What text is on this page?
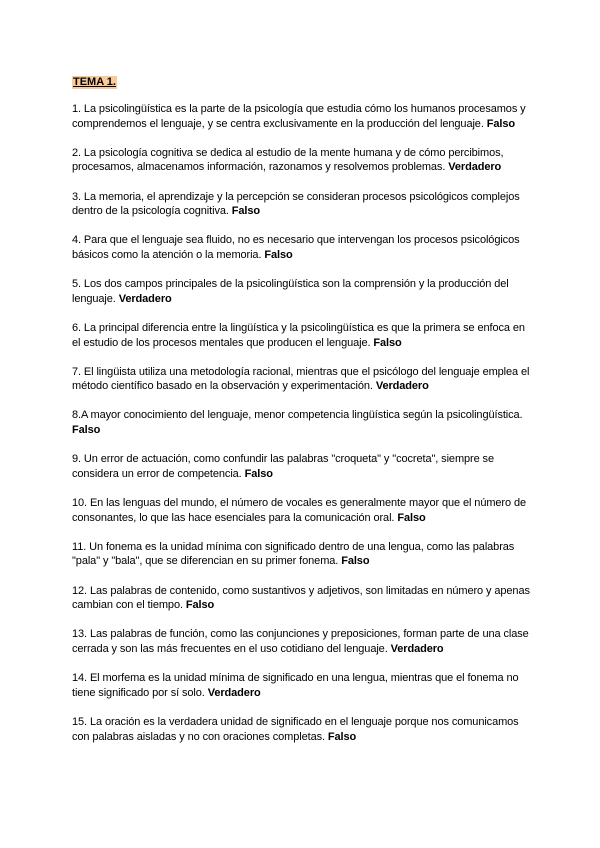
TEMA 1.

1. La psicolingüística es la parte de la psicología que estudia cómo los humanos procesamos y comprendemos el lenguaje, y se centra exclusivamente en la producción del lenguaje. Falso

2. La psicología cognitiva se dedica al estudio de la mente humana y de cómo percibimos, procesamos, almacenamos información, razonamos y resolvemos problemas. Verdadero

3. La memoria, el aprendizaje y la percepción se consideran procesos psicológicos complejos dentro de la psicología cognitiva. Falso

4. Para que el lenguaje sea fluido, no es necesario que intervengan los procesos psicológicos básicos como la atención o la memoria. Falso

5. Los dos campos principales de la psicolingüística son la comprensión y la producción del lenguaje. Verdadero

6. La principal diferencia entre la lingüística y la psicolingüística es que la primera se enfoca en el estudio de los procesos mentales que producen el lenguaje. Falso

7. El lingüista utiliza una metodología racional, mientras que el psicólogo del lenguaje emplea el método científico basado en la observación y experimentación. Verdadero

8.A mayor conocimiento del lenguaje, menor competencia lingüística según la psicolingüística. Falso

9. Un error de actuación, como confundir las palabras "croqueta" y "cocreta", siempre se considera un error de competencia. Falso

10. En las lenguas del mundo, el número de vocales es generalmente mayor que el número de consonantes, lo que las hace esenciales para la comunicación oral. Falso

11. Un fonema es la unidad mínima con significado dentro de una lengua, como las palabras "pala" y "bala", que se diferencian en su primer fonema. Falso

12. Las palabras de contenido, como sustantivos y adjetivos, son limitadas en número y apenas cambian con el tiempo. Falso

13. Las palabras de función, como las conjunciones y preposiciones, forman parte de una clase cerrada y son las más frecuentes en el uso cotidiano del lenguaje. Verdadero

14. El morfema es la unidad mínima de significado en una lengua, mientras que el fonema no tiene significado por sí solo. Verdadero

15. La oración es la verdadera unidad de significado en el lenguaje porque nos comunicamos con palabras aisladas y no con oraciones completas. Falso
